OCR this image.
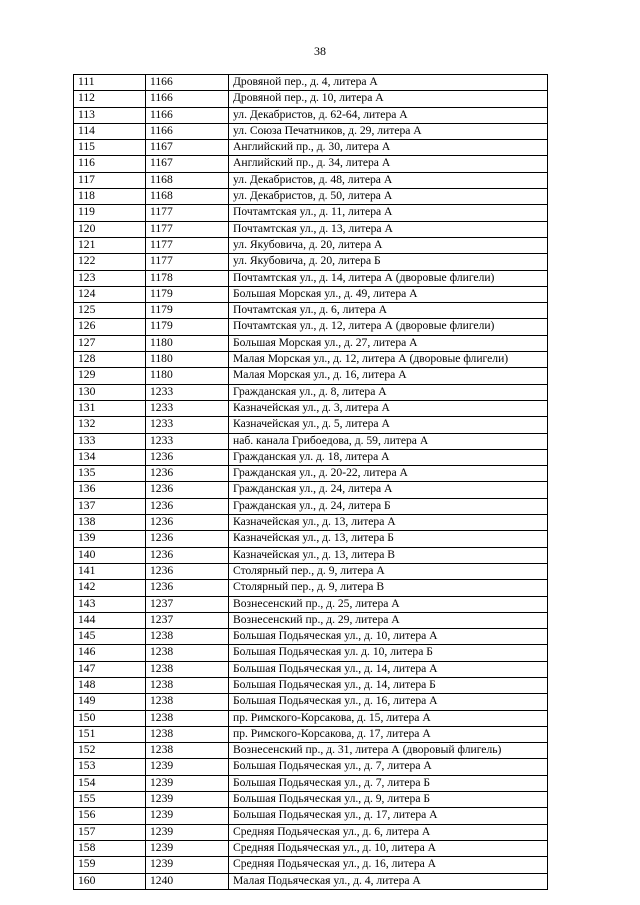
38
111	1166	Дровяной пер., д. 4, литера А
112	1166	Дровяной пер., д. 10, литера А
113	1166	ул. Декабристов, д. 62-64, литера А
114	1166	ул. Союза Печатников, д. 29, литера А
115	1167	Английский пр., д. 30, литера А
116	1167	Английский пр., д. 34, литера А
117	1168	ул. Декабристов, д. 48, литера А
118	1168	ул. Декабристов, д. 50, литера А
119	1177	Почтамтская ул., д. 11, литера А
120	1177	Почтамтская ул., д. 13, литера А
121	1177	ул. Якубовича, д. 20, литера А
122	1177	ул. Якубовича, д. 20, литера Б
123	1178	Почтамтская ул., д. 14, литера А (дворовые флигели)
124	1179	Большая Морская ул., д. 49, литера А
125	1179	Почтамтская ул., д. 6, литера А
126	1179	Почтамтская ул., д. 12, литера А (дворовые флигели)
127	1180	Большая Морская ул., д. 27, литера А
128	1180	Малая Морская ул., д. 12, литера А (дворовые флигели)
129	1180	Малая Морская ул., д. 16, литера А
130	1233	Гражданская ул., д. 8, литера А
131	1233	Казначейская ул., д. 3, литера А
132	1233	Казначейская ул., д. 5, литера А
133	1233	наб. канала Грибоедова, д. 59, литера А
134	1236	Гражданская ул. д. 18, литера А
135	1236	Гражданская ул., д. 20-22, литера А
136	1236	Гражданская ул., д. 24, литера А
137	1236	Гражданская ул., д. 24, литера Б
138	1236	Казначейская ул., д. 13, литера А
139	1236	Казначейская ул., д. 13, литера Б
140	1236	Казначейская ул., д. 13, литера В
141	1236	Столярный пер., д. 9, литера А
142	1236	Столярный пер., д. 9, литера В
143	1237	Вознесенский пр., д. 25, литера А
144	1237	Вознесенский пр., д. 29, литера А
145	1238	Большая Подьяческая ул., д. 10, литера А
146	1238	Большая Подьяческая ул. д. 10, литера Б
147	1238	Большая Подьяческая ул., д. 14, литера А
148	1238	Большая Подьяческая ул., д. 14, литера Б
149	1238	Большая Подьяческая ул., д. 16, литера А
150	1238	пр. Римского-Корсакова, д. 15, литера А
151	1238	пр. Римского-Корсакова, д. 17, литера А
152	1238	Вознесенский пр., д. 31, литера А (дворовый флигель)
153	1239	Большая Подьяческая ул., д. 7, литера А
154	1239	Большая Подьяческая ул., д. 7, литера Б
155	1239	Большая Подьяческая ул., д. 9, литера Б
156	1239	Большая Подьяческая ул., д. 17, литера А
157	1239	Средняя Подьяческая ул., д. 6, литера А
158	1239	Средняя Подьяческая ул., д. 10, литера А
159	1239	Средняя Подьяческая ул., д. 16, литера А
160	1240	Малая Подьяческая ул., д. 4, литера А
